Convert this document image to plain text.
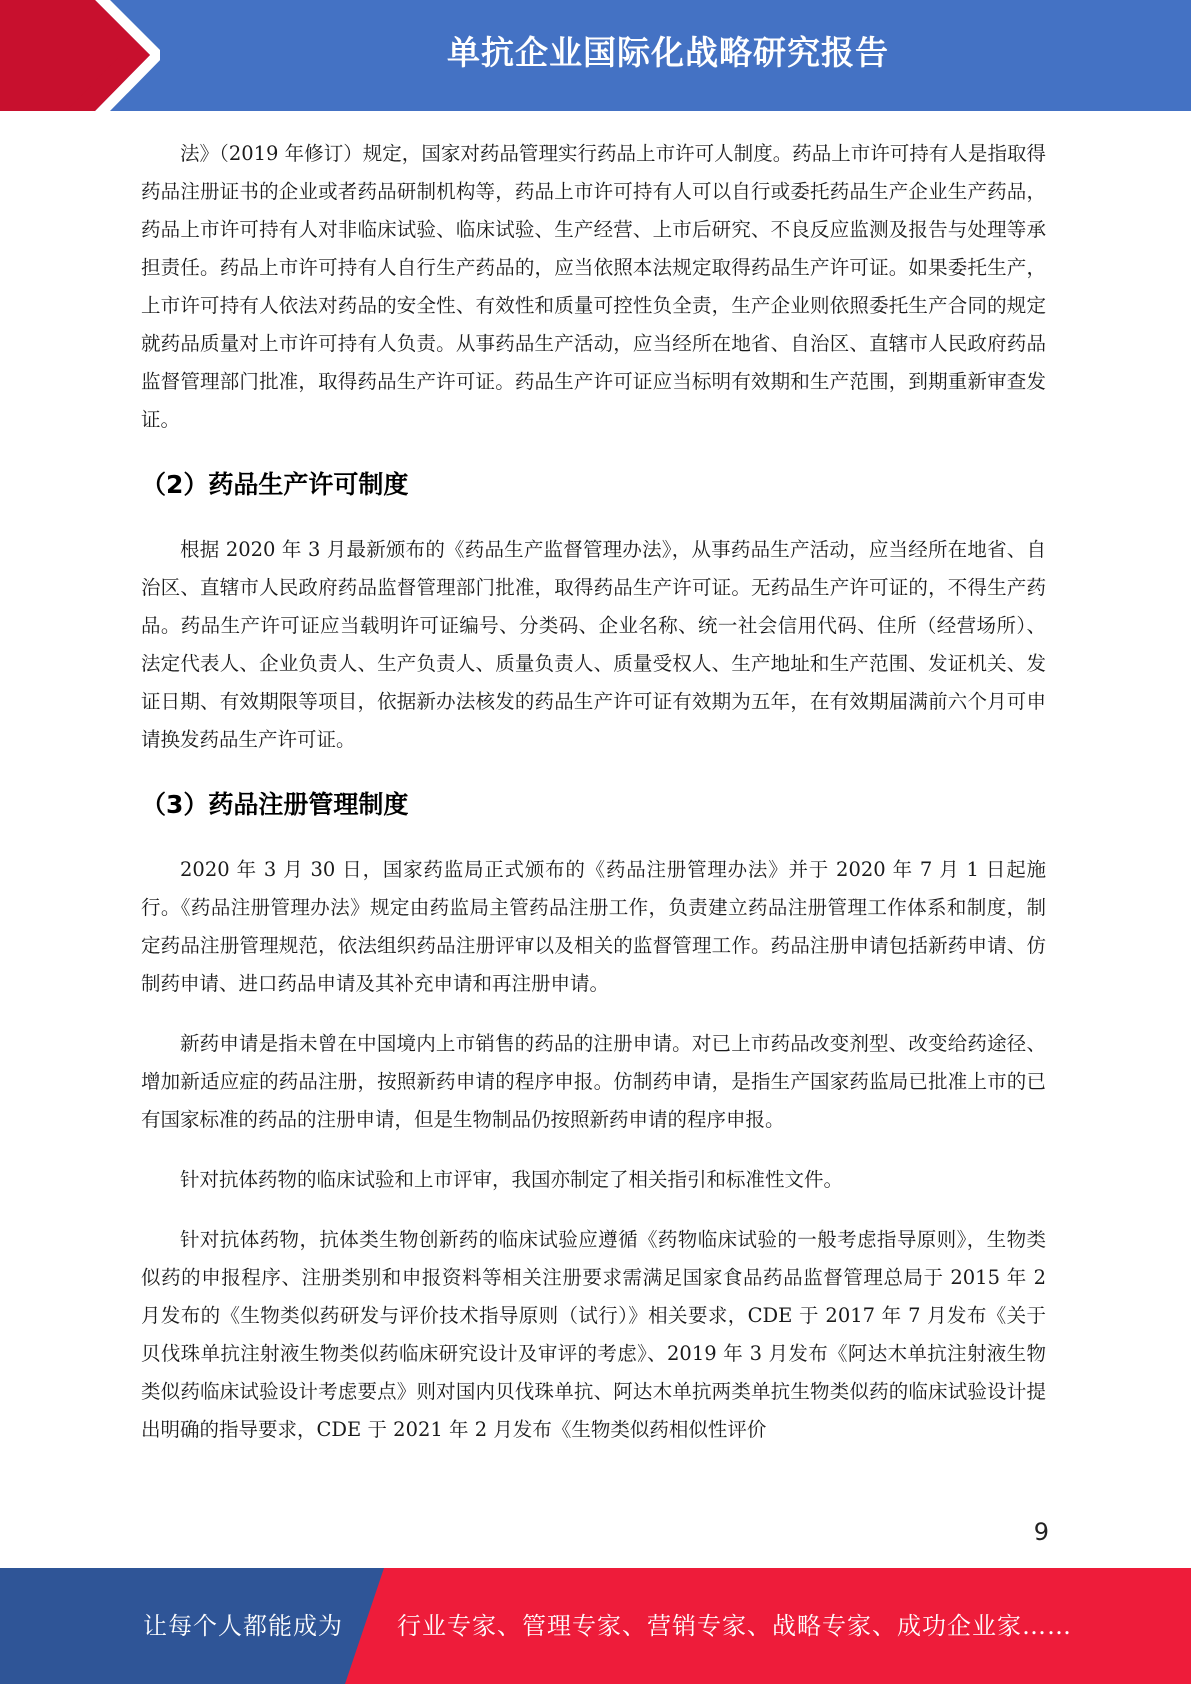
单抗企业国际化战略研究报告

法》（2019 年修订）规定，国家对药品管理实行药品上市许可人制度。药品上市许可持有人是指取得药品注册证书的企业或者药品研制机构等，药品上市许可持有人可以自行或委托药品生产企业生产药品，药品上市许可持有人对非临床试验、临床试验、生产经营、上市后研究、不良反应监测及报告与处理等承担责任。药品上市许可持有人自行生产药品的，应当依照本法规定取得药品生产许可证。如果委托生产，上市许可持有人依法对药品的安全性、有效性和质量可控性负全责，生产企业则依照委托生产合同的规定就药品质量对上市许可持有人负责。从事药品生产活动，应当经所在地省、自治区、直辖市人民政府药品监督管理部门批准，取得药品生产许可证。药品生产许可证应当标明有效期和生产范围，到期重新审查发证。

（2）药品生产许可制度

根据 2020 年 3 月最新颁布的《药品生产监督管理办法》，从事药品生产活动，应当经所在地省、自治区、直辖市人民政府药品监督管理部门批准，取得药品生产许可证。无药品生产许可证的，不得生产药品。药品生产许可证应当载明许可证编号、分类码、企业名称、统一社会信用代码、住所（经营场所）、法定代表人、企业负责人、生产负责人、质量负责人、质量受权人、生产地址和生产范围、发证机关、发证日期、有效期限等项目，依据新办法核发的药品生产许可证有效期为五年，在有效期届满前六个月可申请换发药品生产许可证。

（3）药品注册管理制度

2020 年 3 月 30 日，国家药监局正式颁布的《药品注册管理办法》并于 2020 年 7 月 1 日起施行。《药品注册管理办法》规定由药监局主管药品注册工作，负责建立药品注册管理工作体系和制度，制定药品注册管理规范，依法组织药品注册评审以及相关的监督管理工作。药品注册申请包括新药申请、仿制药申请、进口药品申请及其补充申请和再注册申请。

新药申请是指未曾在中国境内上市销售的药品的注册申请。对已上市药品改变剂型、改变给药途径、增加新适应症的药品注册，按照新药申请的程序申报。仿制药申请，是指生产国家药监局已批准上市的已有国家标准的药品的注册申请，但是生物制品仍按照新药申请的程序申报。

针对抗体药物的临床试验和上市评审，我国亦制定了相关指引和标准性文件。

针对抗体药物，抗体类生物创新药的临床试验应遵循《药物临床试验的一般考虑指导原则》，生物类似药的申报程序、注册类别和申报资料等相关注册要求需满足国家食品药品监督管理总局于 2015 年 2 月发布的《生物类似药研发与评价技术指导原则（试行）》相关要求，CDE 于 2017 年 7 月发布《关于贝伐珠单抗注射液生物类似药临床研究设计及审评的考虑》、2019 年 3 月发布《阿达木单抗注射液生物类似药临床试验设计考虑要点》则对国内贝伐珠单抗、阿达木单抗两类单抗生物类似药的临床试验设计提出明确的指导要求，CDE 于 2021 年 2 月发布《生物类似药相似性评价

9
让每个人都能成为 行业专家、管理专家、营销专家、战略专家、成功企业家……
